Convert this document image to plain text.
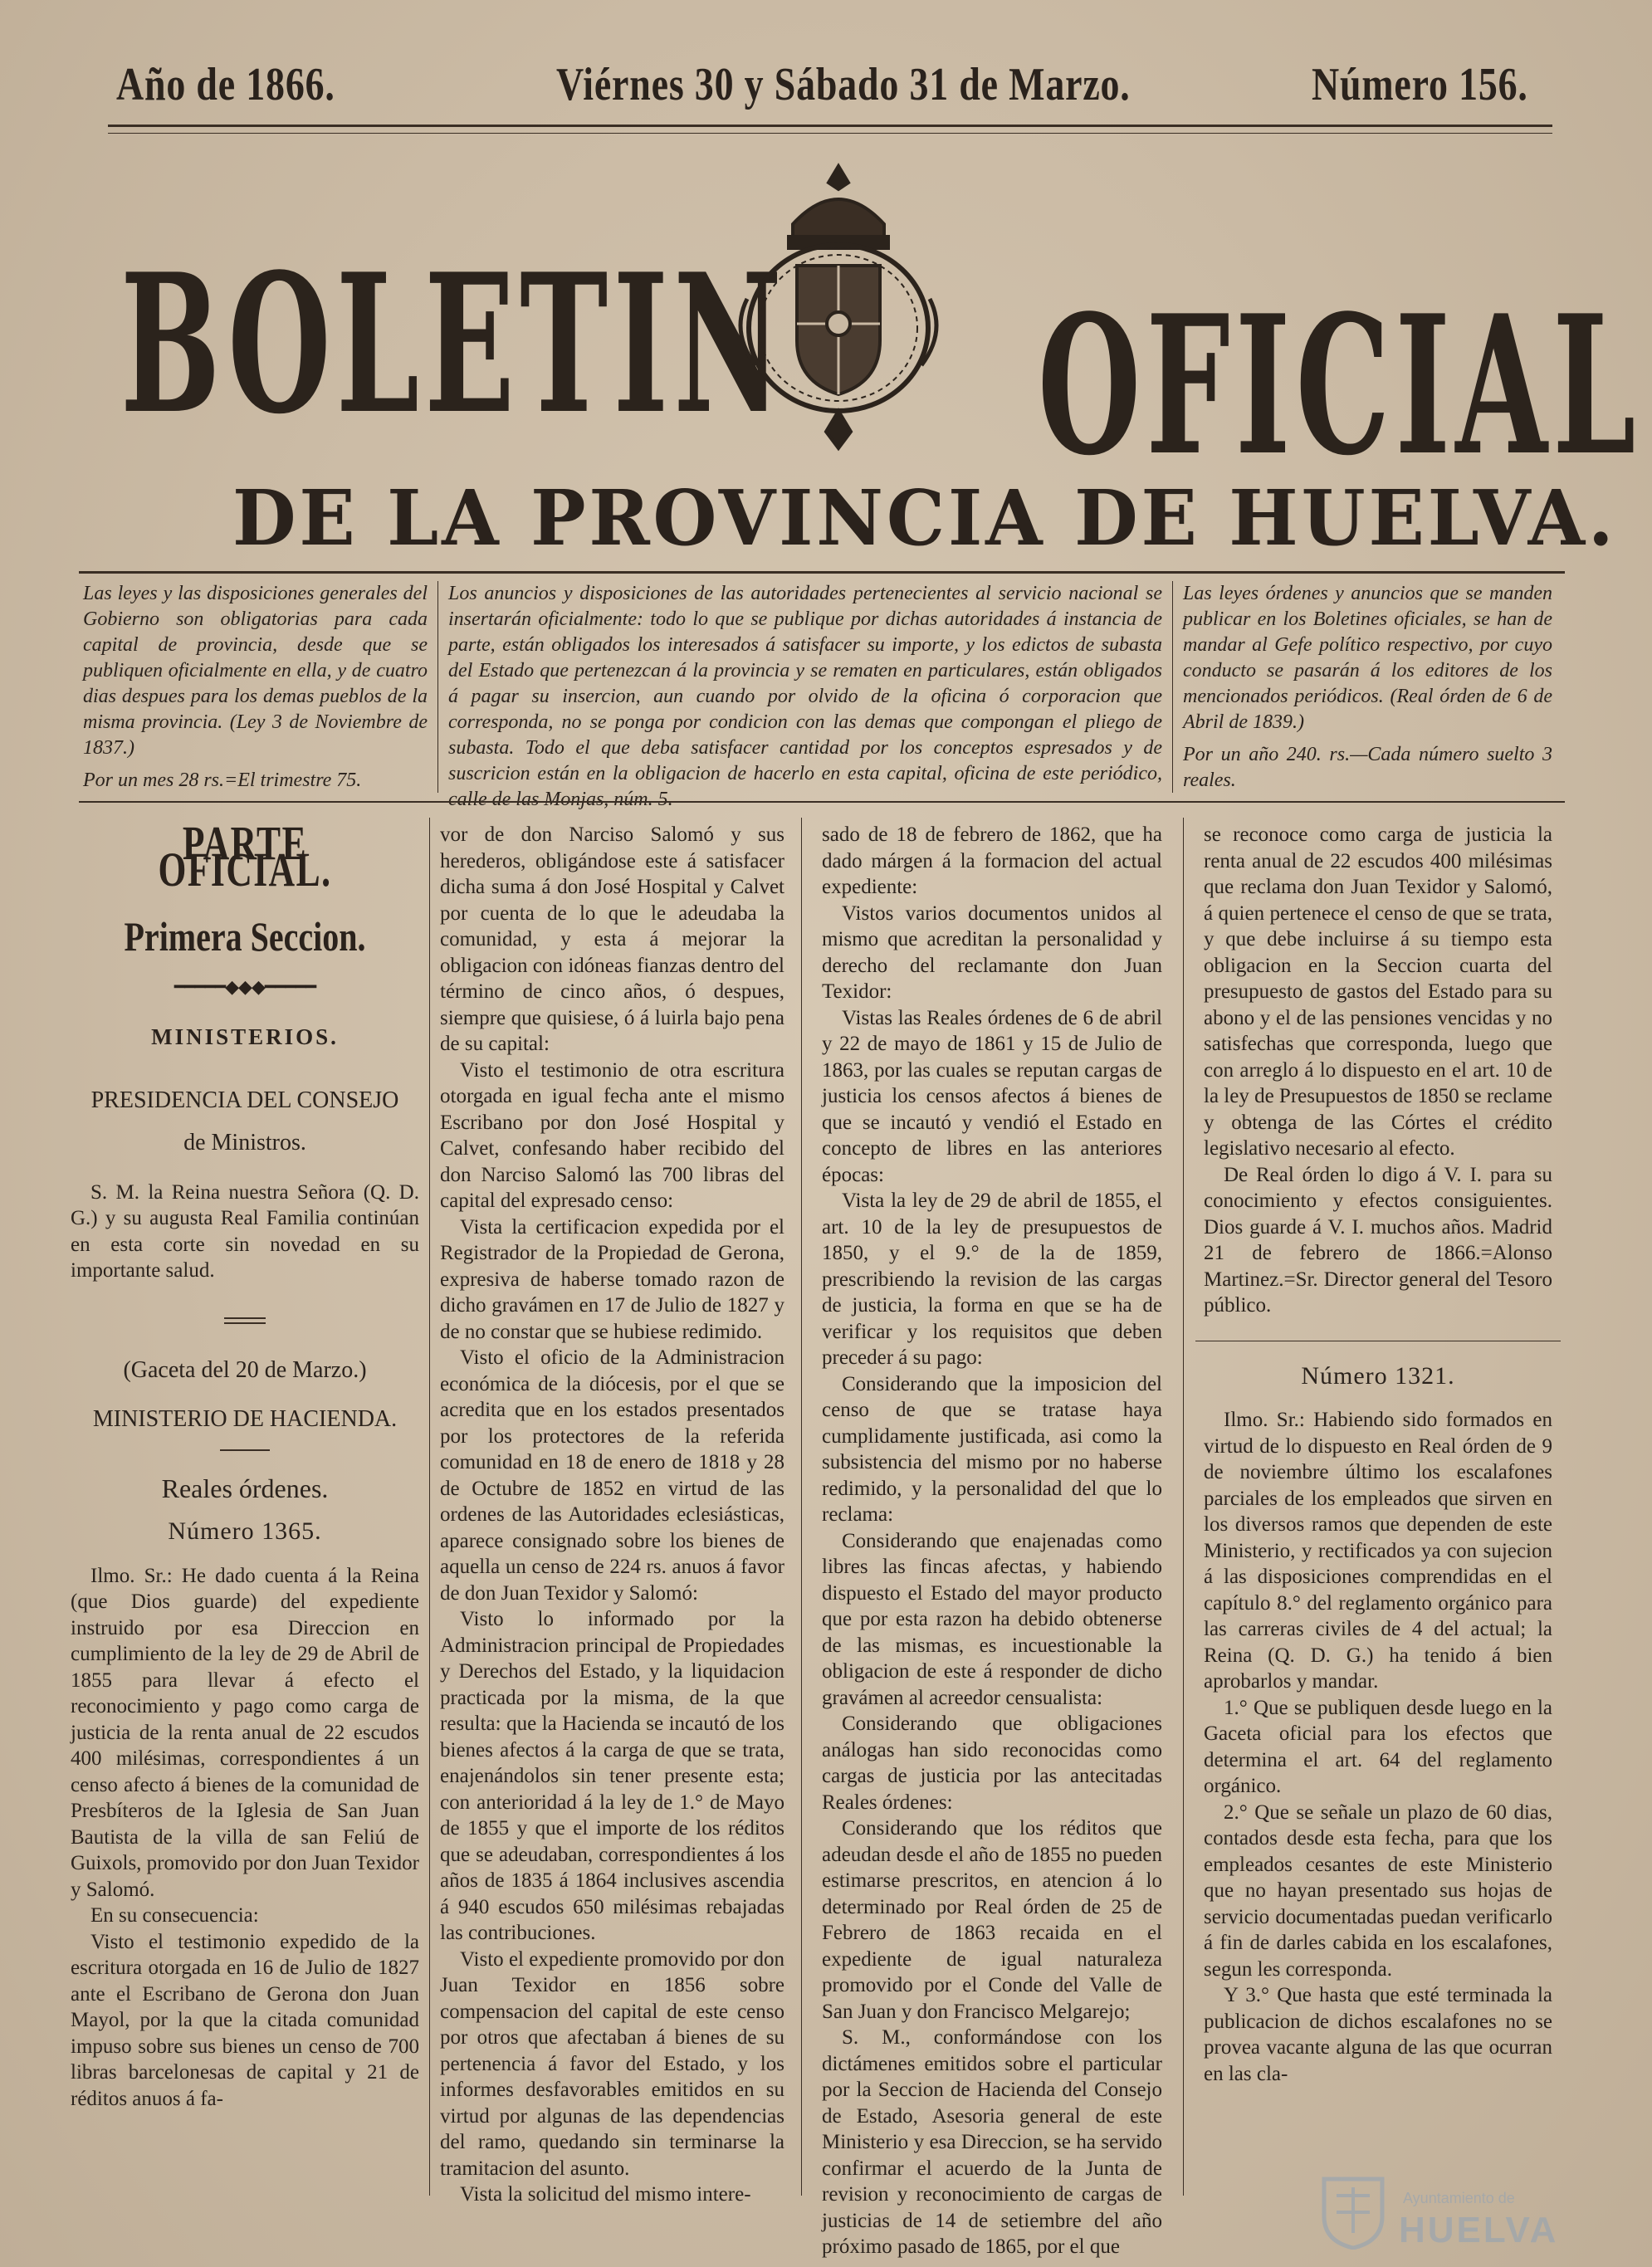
Año de 1866.	Viérnes 30 y Sábado 31 de Marzo.	Número 156.
BOLETIN OFICIAL
DE LA PROVINCIA DE HUELVA.
Las leyes y las disposiciones generales del Gobierno son obligatorias para cada capital de provincia, desde que se publiquen oficialmente en ella, y de cuatro dias despues para los demas pueblos de la misma provincia. (Ley 3 de Noviembre de 1837.)
Por un mes 28 rs.=El trimestre 75.
Los anuncios y disposiciones de las autoridades pertenecientes al servicio nacional se insertarán oficialmente: todo lo que se publique por dichas autoridades á instancia de parte, están obligados los interesados á satisfacer su importe, y los edictos de subasta del Estado que pertenezcan á la provincia y se rematen en particulares, están obligados á pagar su insercion, aun cuando por olvido de la oficina ó corporacion que corresponda, no se ponga por condicion con las demas que compongan el pliego de subasta. Todo el que deba satisfacer cantidad por los conceptos espresados y de suscricion están en la obligacion de hacerlo en esta capital, oficina de este periódico, calle de las Monjas, núm. 5.
Las leyes órdenes y anuncios que se manden publicar en los Boletines oficiales, se han de mandar al Gefe político respectivo, por cuyo conducto se pasarán á los editores de los mencionados periódicos. (Real órden de 6 de Abril de 1839.)
Por un año 240. rs.—Cada número suelto 3 reales.
PARTE OFICIAL.
Primera Seccion.
━━━━━◆◆◆━━━━━
MINISTERIOS.
PRESIDENCIA DEL CONSEJO
de Ministros.

S. M. la Reina nuestra Señora (Q. D. G.) y su augusta Real Familia continúan en esta corte sin novedad en su importante salud.

(Gaceta del 20 de Marzo.)
MINISTERIO DE HACIENDA.
Reales órdenes.
Número 1365.

Ilmo. Sr.: He dado cuenta á la Reina (que Dios guarde) del expediente instruido por esa Direccion en cumplimiento de la ley de 29 de Abril de 1855 para llevar á efecto el reconocimiento y pago como carga de justicia de la renta anual de 22 escudos 400 milésimas, correspondientes á un censo afecto á bienes de la comunidad de Presbíteros de la Iglesia de San Juan Bautista de la villa de san Feliú de Guixols, promovido por don Juan Texidor y Salomó.

En su consecuencia:

Visto el testimonio expedido de la escritura otorgada en 16 de Julio de 1827 ante el Escribano de Gerona don Juan Mayol, por la que la citada comunidad impuso sobre sus bienes un censo de 700 libras barcelonesas de capital y 21 de réditos anuos á fa-

vor de don Narciso Salomó y sus herederos, obligándose este á satisfacer dicha suma á don José Hospital y Calvet por cuenta de lo que le adeudaba la comunidad, y esta á mejorar la obligacion con idóneas fianzas dentro del término de cinco años, ó despues, siempre que quisiese, ó á luirla bajo pena de su capital:

Visto el testimonio de otra escritura otorgada en igual fecha ante el mismo Escribano por don José Hospital y Calvet, confesando haber recibido del don Narciso Salomó las 700 libras del capital del expresado censo:

Vista la certificacion expedida por el Registrador de la Propiedad de Gerona, expresiva de haberse tomado razon de dicho gravámen en 17 de Julio de 1827 y de no constar que se hubiese redimido.

Visto el oficio de la Administracion económica de la diócesis, por el que se acredita que en los estados presentados por los protectores de la referida comunidad en 18 de enero de 1818 y 28 de Octubre de 1852 en virtud de las ordenes de las Autoridades eclesiásticas, aparece consignado sobre los bienes de aquella un censo de 224 rs. anuos á favor de don Juan Texidor y Salomó:

Visto lo informado por la Administracion principal de Propiedades y Derechos del Estado, y la liquidacion practicada por la misma, de la que resulta: que la Hacienda se incautó de los bienes afectos á la carga de que se trata, enajenándolos sin tener presente esta; con anterioridad á la ley de 1.° de Mayo de 1855 y que el importe de los réditos que se adeudaban, correspondientes á los años de 1835 á 1864 inclusives ascendia á 940 escudos 650 milésimas rebajadas las contribuciones.

Visto el expediente promovido por don Juan Texidor en 1856 sobre compensacion del capital de este censo por otros que afectaban á bienes de su pertenencia á favor del Estado, y los informes desfavorables emitidos en su virtud por algunas de las dependencias del ramo, quedando sin terminarse la tramitacion del asunto.

Vista la solicitud del mismo intere-

sado de 18 de febrero de 1862, que ha dado márgen á la formacion del actual expediente:

Vistos varios documentos unidos al mismo que acreditan la personalidad y derecho del reclamante don Juan Texidor:

Vistas las Reales órdenes de 6 de abril y 22 de mayo de 1861 y 15 de Julio de 1863, por las cuales se reputan cargas de justicia los censos afectos á bienes de que se incautó y vendió el Estado en concepto de libres en las anteriores épocas:

Vista la ley de 29 de abril de 1855, el art. 10 de la ley de presupuestos de 1850, y el 9.° de la de 1859, prescribiendo la revision de las cargas de justicia, la forma en que se ha de verificar y los requisitos que deben preceder á su pago:

Considerando que la imposicion del censo de que se tratase haya cumplidamente justificada, asi como la subsistencia del mismo por no haberse redimido, y la personalidad del que lo reclama:

Considerando que enajenadas como libres las fincas afectas, y habiendo dispuesto el Estado del mayor producto que por esta razon ha debido obtenerse de las mismas, es incuestionable la obligacion de este á responder de dicho gravámen al acreedor censualista:

Considerando que obligaciones análogas han sido reconocidas como cargas de justicia por las antecitadas Reales órdenes:

Considerando que los réditos que adeudan desde el año de 1855 no pueden estimarse prescritos, en atencion á lo determinado por Real órden de 25 de Febrero de 1863 recaida en el expediente de igual naturaleza promovido por el Conde del Valle de San Juan y don Francisco Melgarejo;

S. M., conformándose con los dictámenes emitidos sobre el particular por la Seccion de Hacienda del Consejo de Estado, Asesoria general de este Ministerio y esa Direccion, se ha servido confirmar el acuerdo de la Junta de revision y reconocimiento de cargas de justicias de 14 de setiembre del año próximo pasado de 1865, por el que

se reconoce como carga de justicia la renta anual de 22 escudos 400 milésimas que reclama don Juan Texidor y Salomó, á quien pertenece el censo de que se trata, y que debe incluirse á su tiempo esta obligacion en la Seccion cuarta del presupuesto de gastos del Estado para su abono y el de las pensiones vencidas y no satisfechas que corresponda, luego que con arreglo á lo dispuesto en el art. 10 de la ley de Presupuestos de 1850 se reclame y obtenga de las Córtes el crédito legislativo necesario al efecto.

De Real órden lo digo á V. I. para su conocimiento y efectos consiguientes. Dios guarde á V. I. muchos años. Madrid 21 de febrero de 1866.=Alonso Martinez.=Sr. Director general del Tesoro público.

Número 1321.

Ilmo. Sr.: Habiendo sido formados en virtud de lo dispuesto en Real órden de 9 de noviembre último los escalafones parciales de los empleados que sirven en los diversos ramos que dependen de este Ministerio, y rectificados ya con sujecion á las disposiciones comprendidas en el capítulo 8.° del reglamento orgánico para las carreras civiles de 4 del actual; la Reina (Q. D. G.) ha tenido á bien aprobarlos y mandar.

1.° Que se publiquen desde luego en la Gaceta oficial para los efectos que determina el art. 64 del reglamento orgánico.

2.° Que se señale un plazo de 60 dias, contados desde esta fecha, para que los empleados cesantes de este Ministerio que no hayan presentado sus hojas de servicio documentadas puedan verificarlo á fin de darles cabida en los escalafones, segun les corresponda.

Y 3.° Que hasta que esté terminada la publicacion de dichos escalafones no se provea vacante alguna de las que ocurran en las cla-

Ayuntamiento de
HUELVA
